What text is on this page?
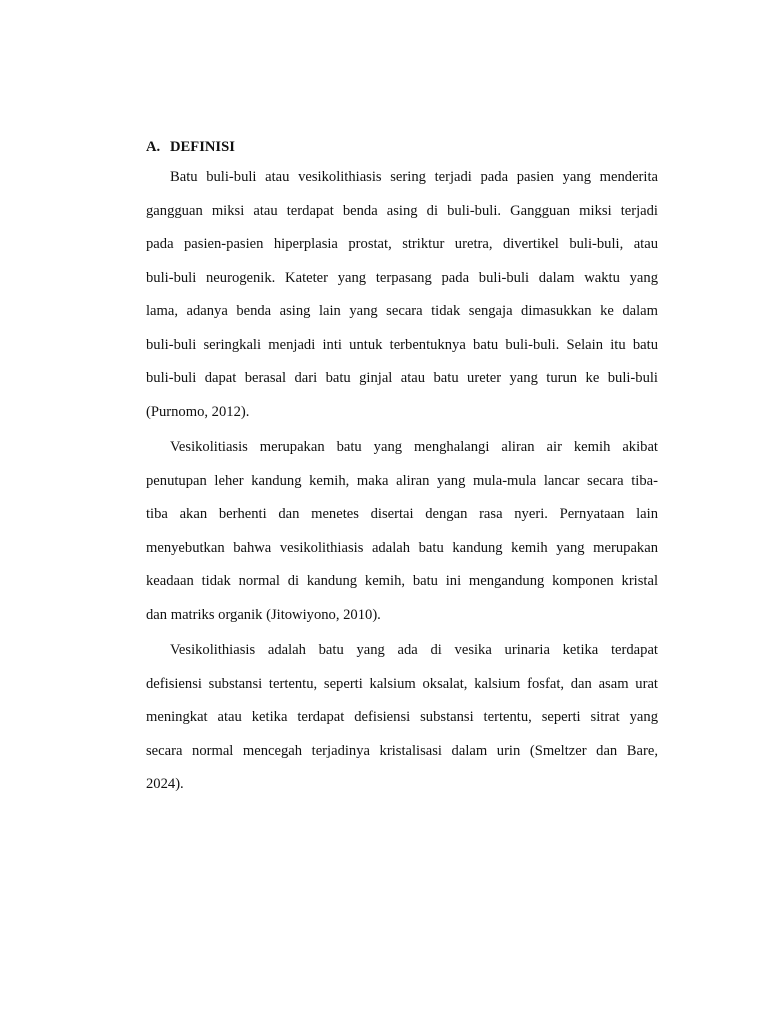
A. DEFINISI
Batu buli-buli atau vesikolithiasis sering terjadi pada pasien yang menderita
gangguan miksi atau terdapat benda asing di buli-buli. Gangguan miksi terjadi
pada pasien-pasien hiperplasia prostat, striktur uretra, divertikel buli-buli, atau
buli-buli neurogenik. Kateter yang terpasang pada buli-buli dalam waktu yang
lama, adanya benda asing lain yang secara tidak sengaja dimasukkan ke dalam
buli-buli seringkali menjadi inti untuk terbentuknya batu buli-buli. Selain itu batu
buli-buli dapat berasal dari batu ginjal atau batu ureter yang turun ke buli-buli
(Purnomo, 2012).
Vesikolitiasis merupakan batu yang menghalangi aliran air kemih akibat
penutupan leher kandung kemih, maka aliran yang mula-mula lancar secara tiba-
tiba akan berhenti dan menetes disertai dengan rasa nyeri. Pernyataan lain
menyebutkan bahwa vesikolithiasis adalah batu kandung kemih yang merupakan
keadaan tidak normal di kandung kemih, batu ini mengandung komponen kristal
dan matriks organik (Jitowiyono, 2010).
Vesikolithiasis adalah batu yang ada di vesika urinaria ketika terdapat
defisiensi substansi tertentu, seperti kalsium oksalat, kalsium fosfat, dan asam urat
meningkat atau ketika terdapat defisiensi substansi tertentu, seperti sitrat yang
secara normal mencegah terjadinya kristalisasi dalam urin (Smeltzer dan Bare,
2024).
